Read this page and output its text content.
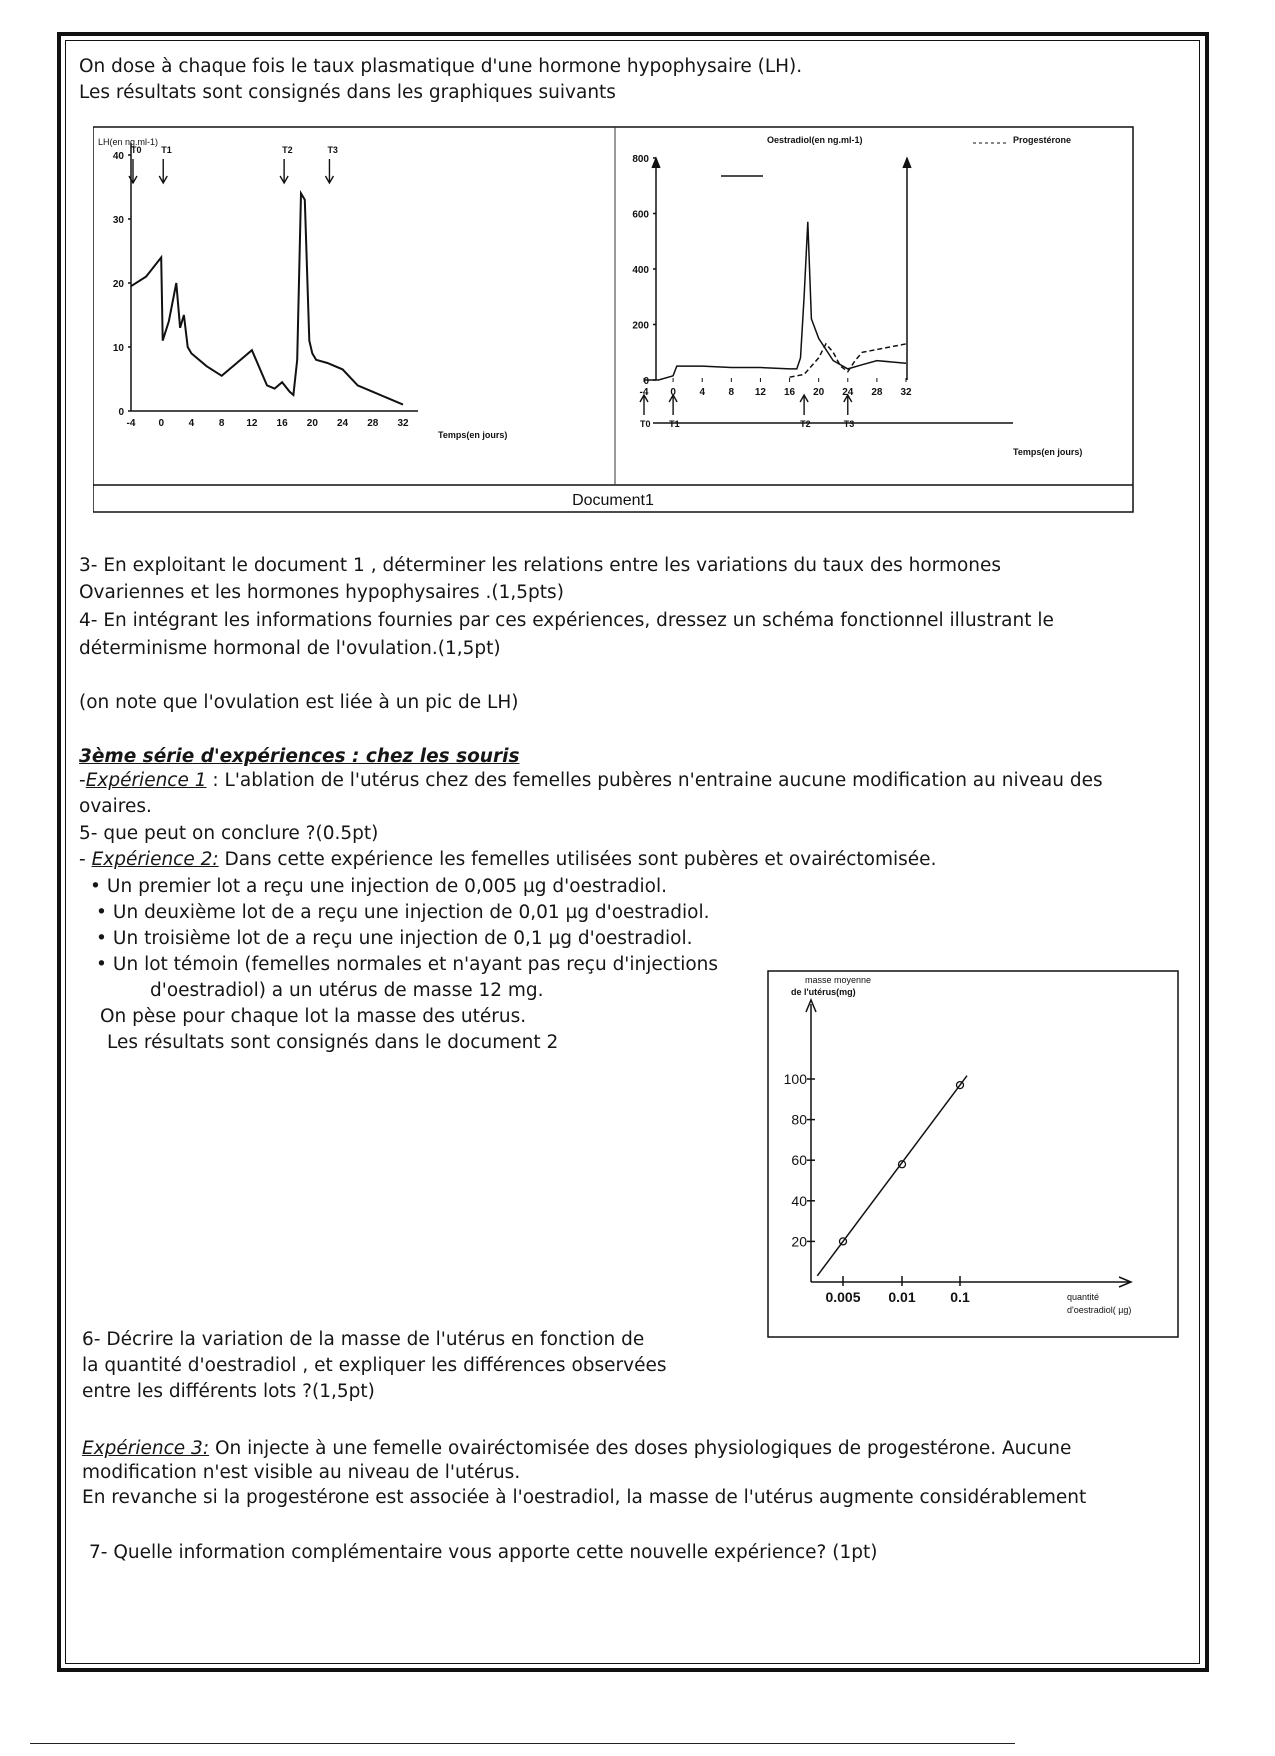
On dose à chaque fois le taux plasmatique d'une hormone hypophysaire (LH).
Les résultats sont consignés dans les graphiques suivants
Document1
LH(en ng.ml-1)
Temps(en jours)
0
10
20
30
40
-4 0 4 8 12 16 20 24 28 32
T0 T1	T2	T3
Oestradiol(en ng.ml-1)	Progestérone
Temps(en jours)
0
200
400
600
800
-4 0 4 8 12 16 20 24 28 32
T0 T1	T2	T3
3- En exploitant le document 1 , déterminer les relations entre les variations du taux des hormones
Ovariennes et les hormones hypophysaires .(1,5pts)
4- En intégrant les informations fournies par ces expériences, dressez un schéma fonctionnel illustrant le
déterminisme hormonal de l'ovulation.(1,5pt)
(on note que l'ovulation est liée à un pic de LH)
3ème série d'expériences : chez les souris
-Expérience 1 : L'ablation de l'utérus chez des femelles pubères n'entraine aucune modification au niveau des
ovaires.
5- que peut on conclure ?(0.5pt)
- Expérience 2: Dans cette expérience les femelles utilisées sont pubères et ovairéctomisée.
• Un premier lot a reçu une injection de 0,005 µg d'oestradiol.
• Un deuxième lot de a reçu une injection de 0,01 µg d'oestradiol.
• Un troisième lot de a reçu une injection de 0,1 µg d'oestradiol.
• Un lot témoin (femelles normales et n'ayant pas reçu d'injections
d'oestradiol) a un utérus de masse 12 mg.
On pèse pour chaque lot la masse des utérus.
Les résultats sont consignés dans le document 2
masse moyenne
de l'utérus(mg)
quantité
d'oestradiol( µg)
20
40
60
80
100
0.005 0.01 0.1
6- Décrire la variation de la masse de l'utérus en fonction de
la quantité d'oestradiol , et expliquer les différences observées
entre les différents lots ?(1,5pt)
Expérience 3: On injecte à une femelle ovairéctomisée des doses physiologiques de progestérone. Aucune
modification n'est visible au niveau de l'utérus.
En revanche si la progestérone est associée à l'oestradiol, la masse de l'utérus augmente considérablement
7- Quelle information complémentaire vous apporte cette nouvelle expérience? (1pt)
